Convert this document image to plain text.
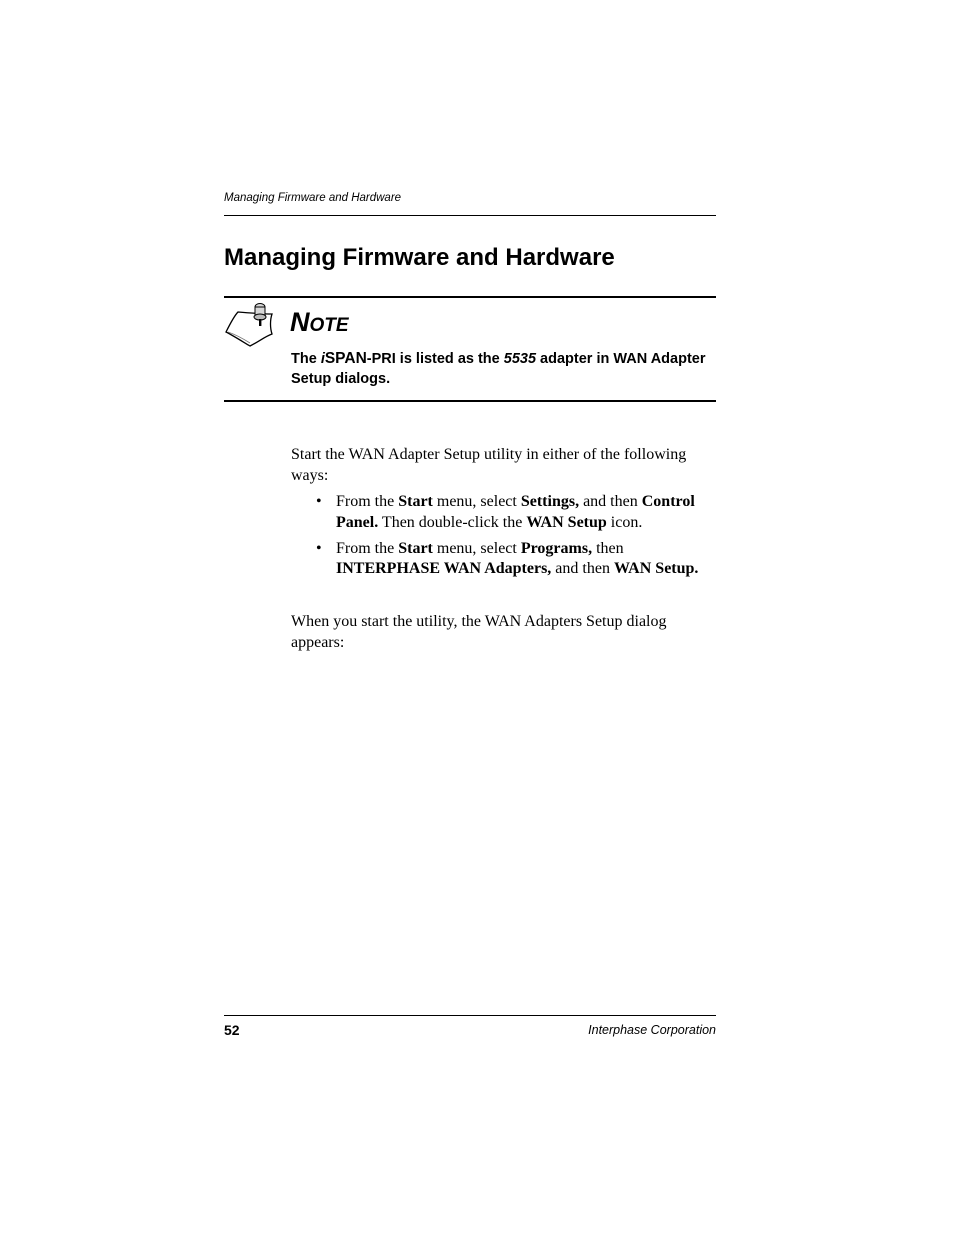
Managing Firmware and Hardware
Managing Firmware and Hardware
NOTE
The iSPAN-PRI is listed as the 5535 adapter in WAN Adapter Setup dialogs.

Start the WAN Adapter Setup utility in either of the following ways:

• From the Start menu, select Settings, and then Control Panel. Then double-click the WAN Setup icon.
• From the Start menu, select Programs, then INTERPHASE WAN Adapters, and then WAN Setup.

When you start the utility, the WAN Adapters Setup dialog appears:

52	Interphase Corporation
